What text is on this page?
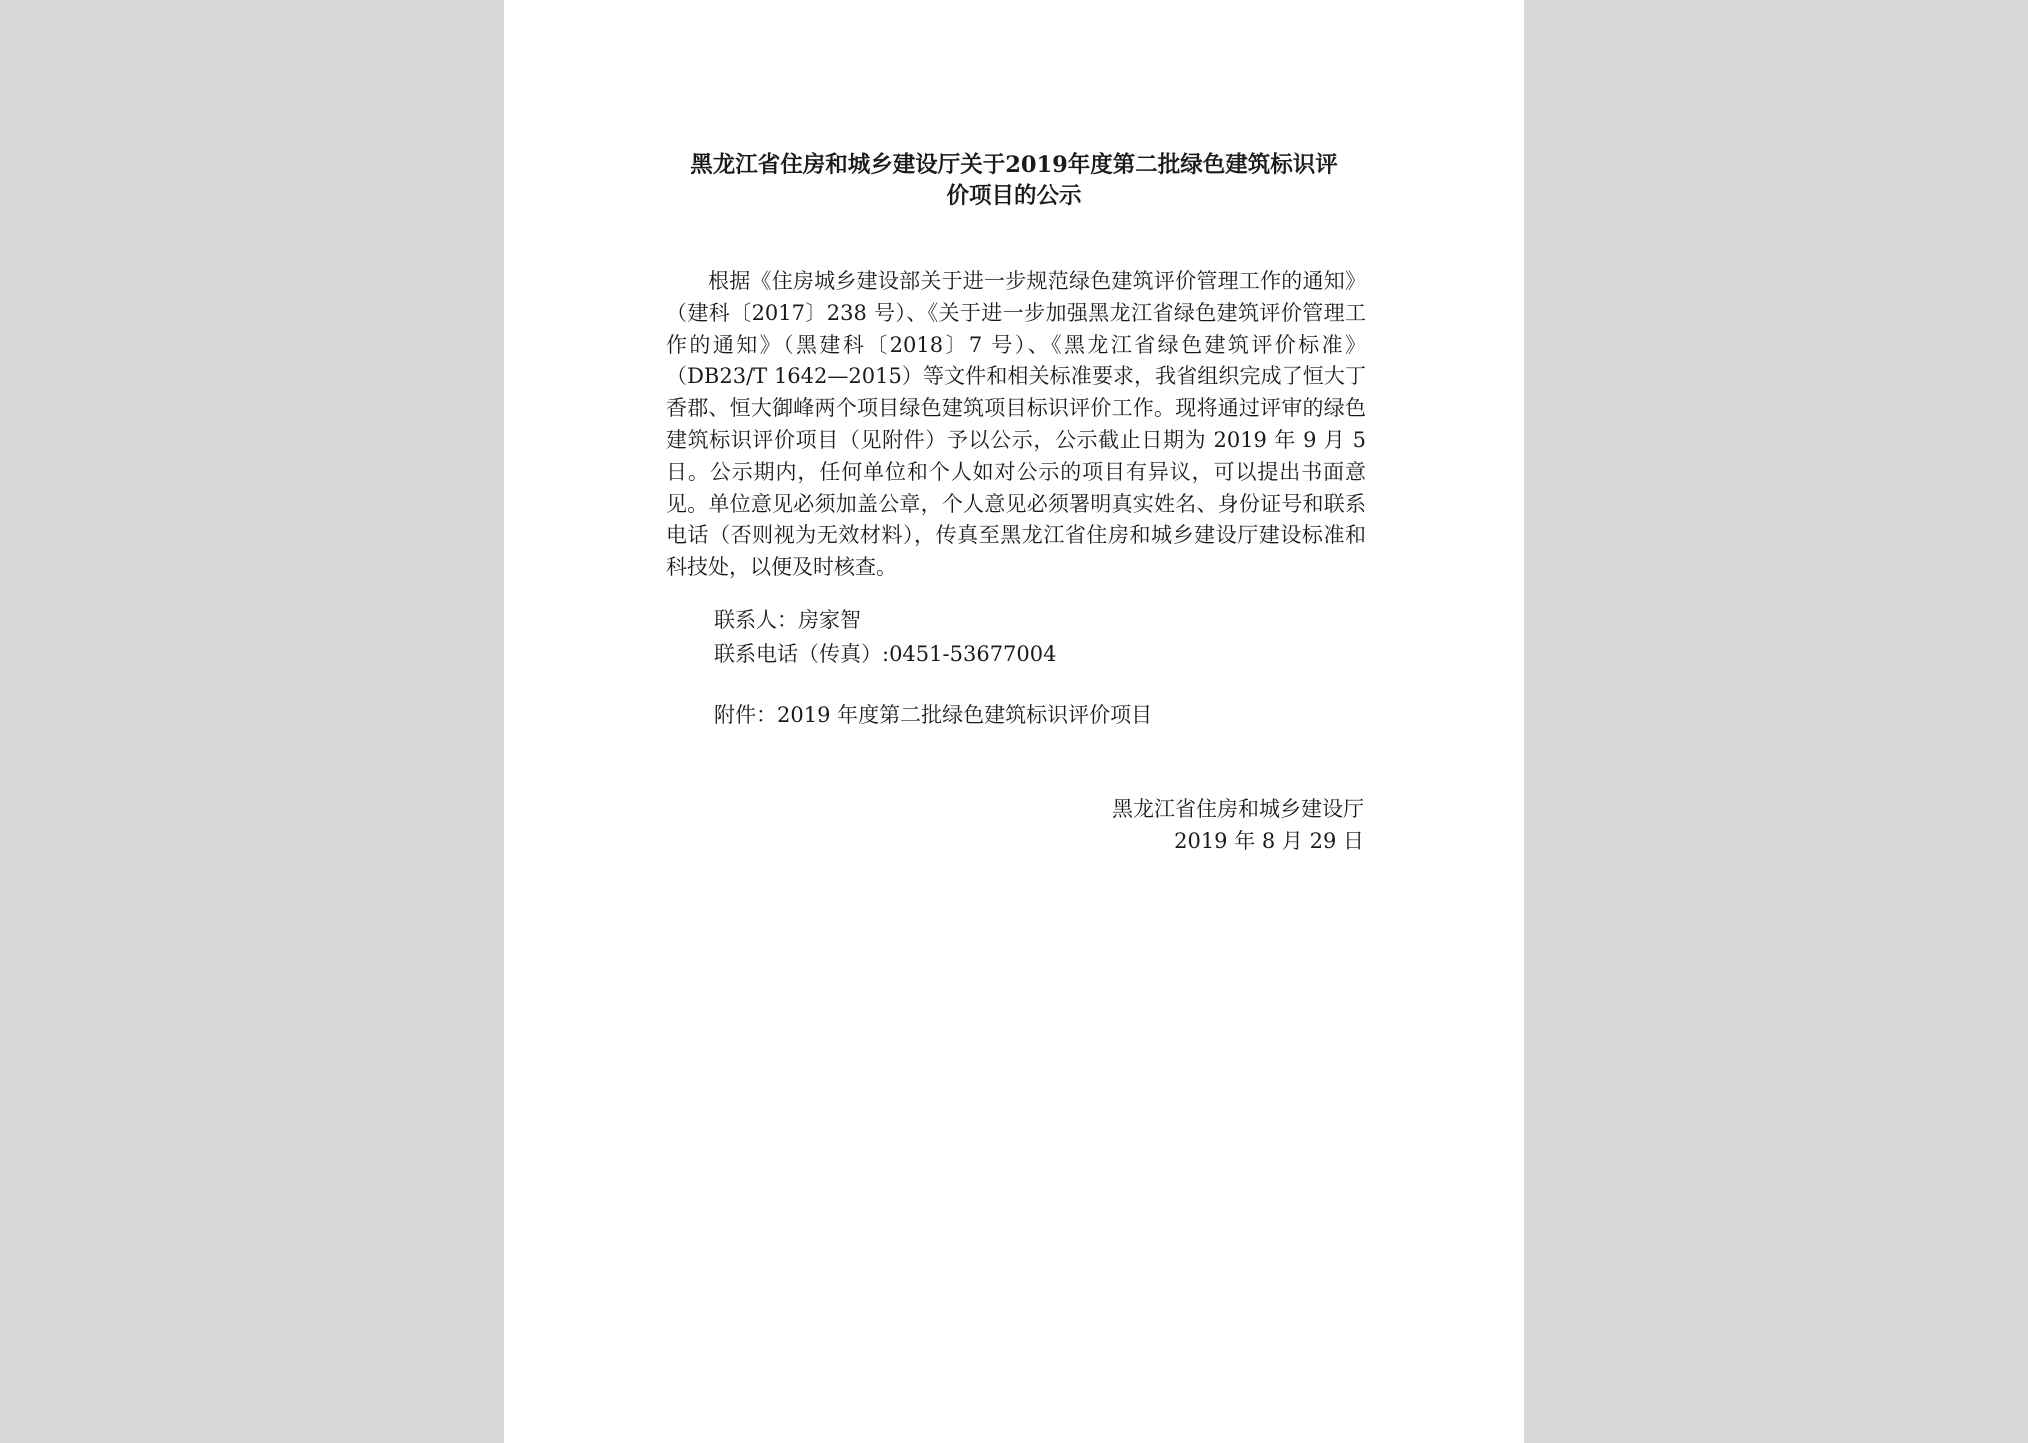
黑龙江省住房和城乡建设厅关于2019年度第二批绿色建筑标识评
价项目的公示

根据《住房城乡建设部关于进一步规范绿色建筑评价管理工作的通知》（建科〔2017〕238 号）、《关于进一步加强黑龙江省绿色建筑评价管理工作的通知》（黑建科〔2018〕7 号）、《黑龙江省绿色建筑评价标准》（DB23/T 1642—2015）等文件和相关标准要求，我省组织完成了恒大丁香郡、恒大御峰两个项目绿色建筑项目标识评价工作。现将通过评审的绿色建筑标识评价项目（见附件）予以公示，公示截止日期为 2019 年 9 月 5 日。公示期内，任何单位和个人如对公示的项目有异议，可以提出书面意见。单位意见必须加盖公章，个人意见必须署明真实姓名、身份证号和联系电话（否则视为无效材料），传真至黑龙江省住房和城乡建设厅建设标准和科技处，以便及时核查。

联系人：房家智
联系电话（传真）:0451-53677004
附件：2019 年度第二批绿色建筑标识评价项目
黑龙江省住房和城乡建设厅
2019 年 8 月 29 日
